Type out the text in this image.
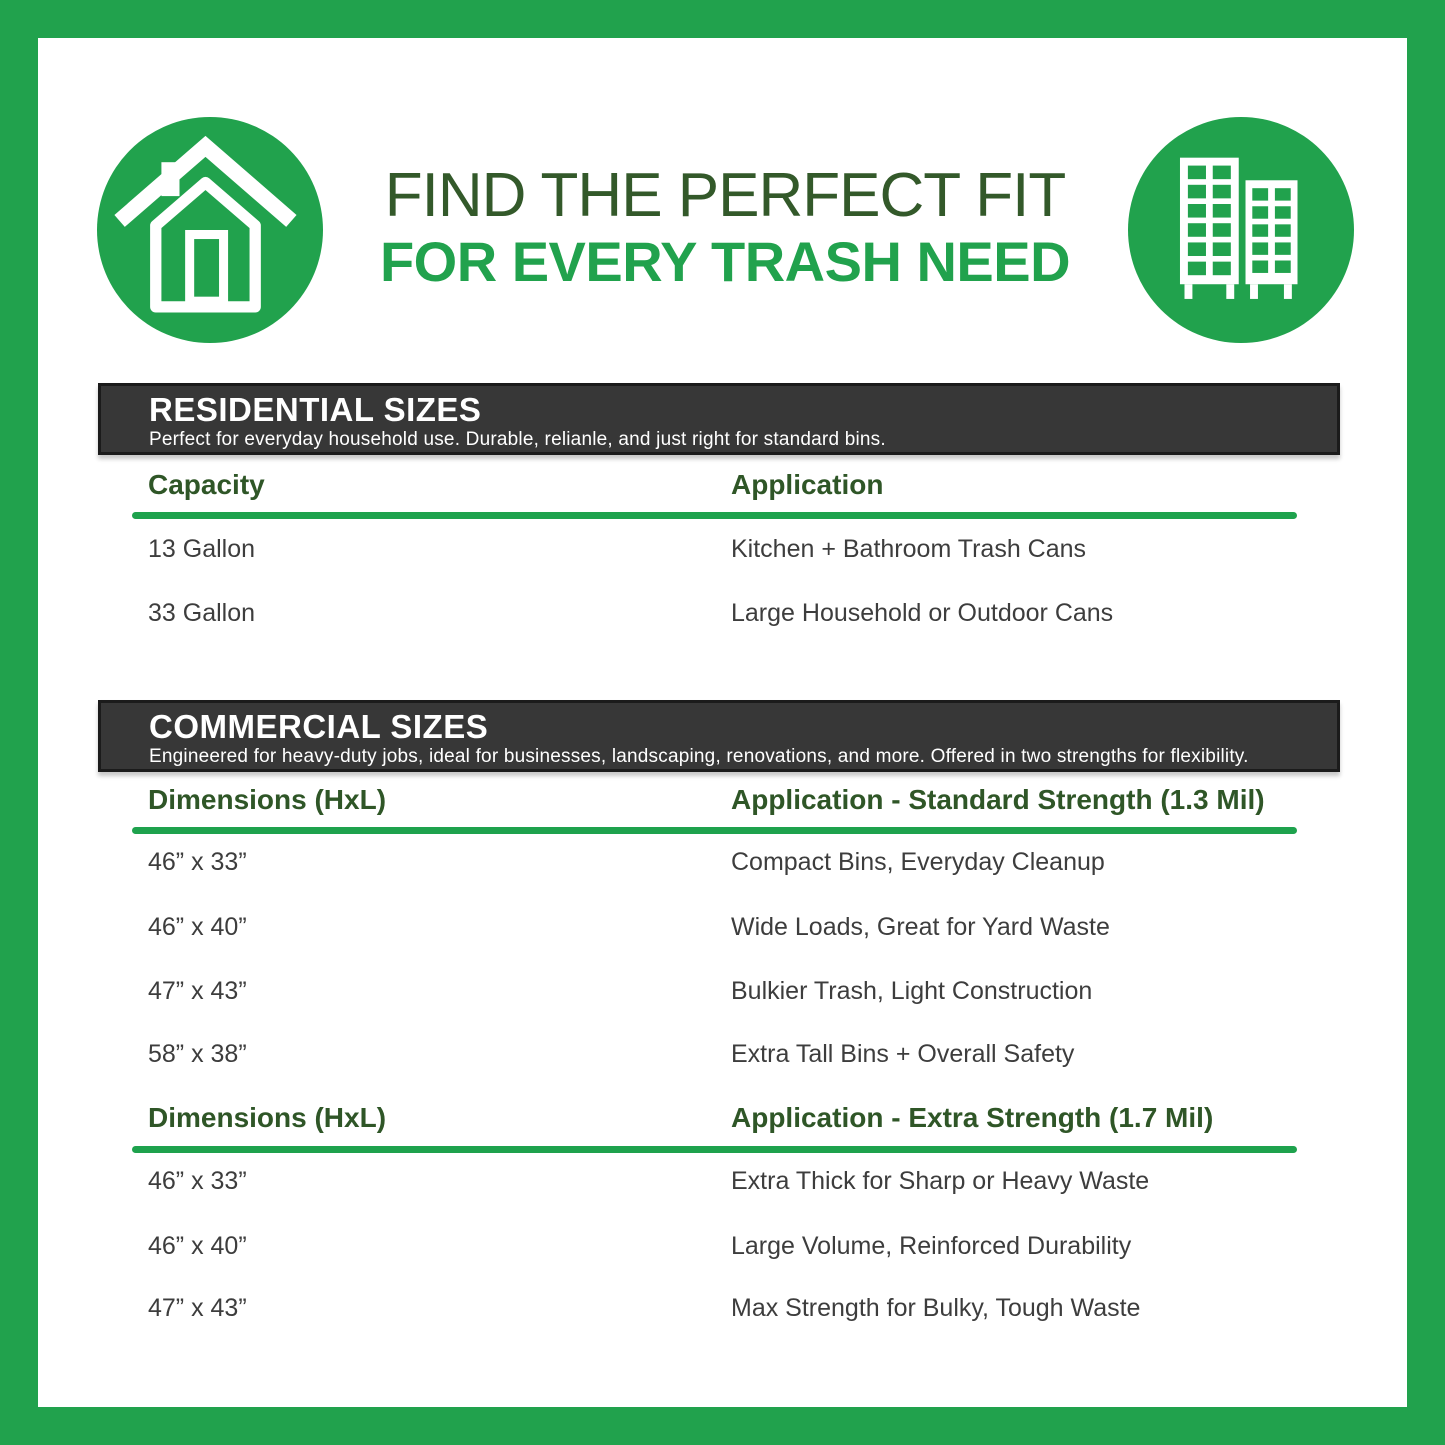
FIND THE PERFECT FIT
FOR EVERY TRASH NEED
RESIDENTIAL SIZES
Perfect for everyday household use. Durable, relianle, and just right for standard bins.
Capacity	Application
13 Gallon	Kitchen + Bathroom Trash Cans
33 Gallon	Large Household or Outdoor Cans
COMMERCIAL SIZES
Engineered for heavy-duty jobs, ideal for businesses, landscaping, renovations, and more. Offered in two strengths for flexibility.
Dimensions (HxL)	Application - Standard Strength (1.3 Mil)
46” x 33”	Compact Bins, Everyday Cleanup
46” x 40”	Wide Loads, Great for Yard Waste
47” x 43”	Bulkier Trash, Light Construction
58” x 38”	Extra Tall Bins + Overall Safety
Dimensions (HxL)	Application - Extra Strength (1.7 Mil)
46” x 33”	Extra Thick for Sharp or Heavy Waste
46” x 40”	Large Volume, Reinforced Durability
47” x 43”	Max Strength for Bulky, Tough Waste
